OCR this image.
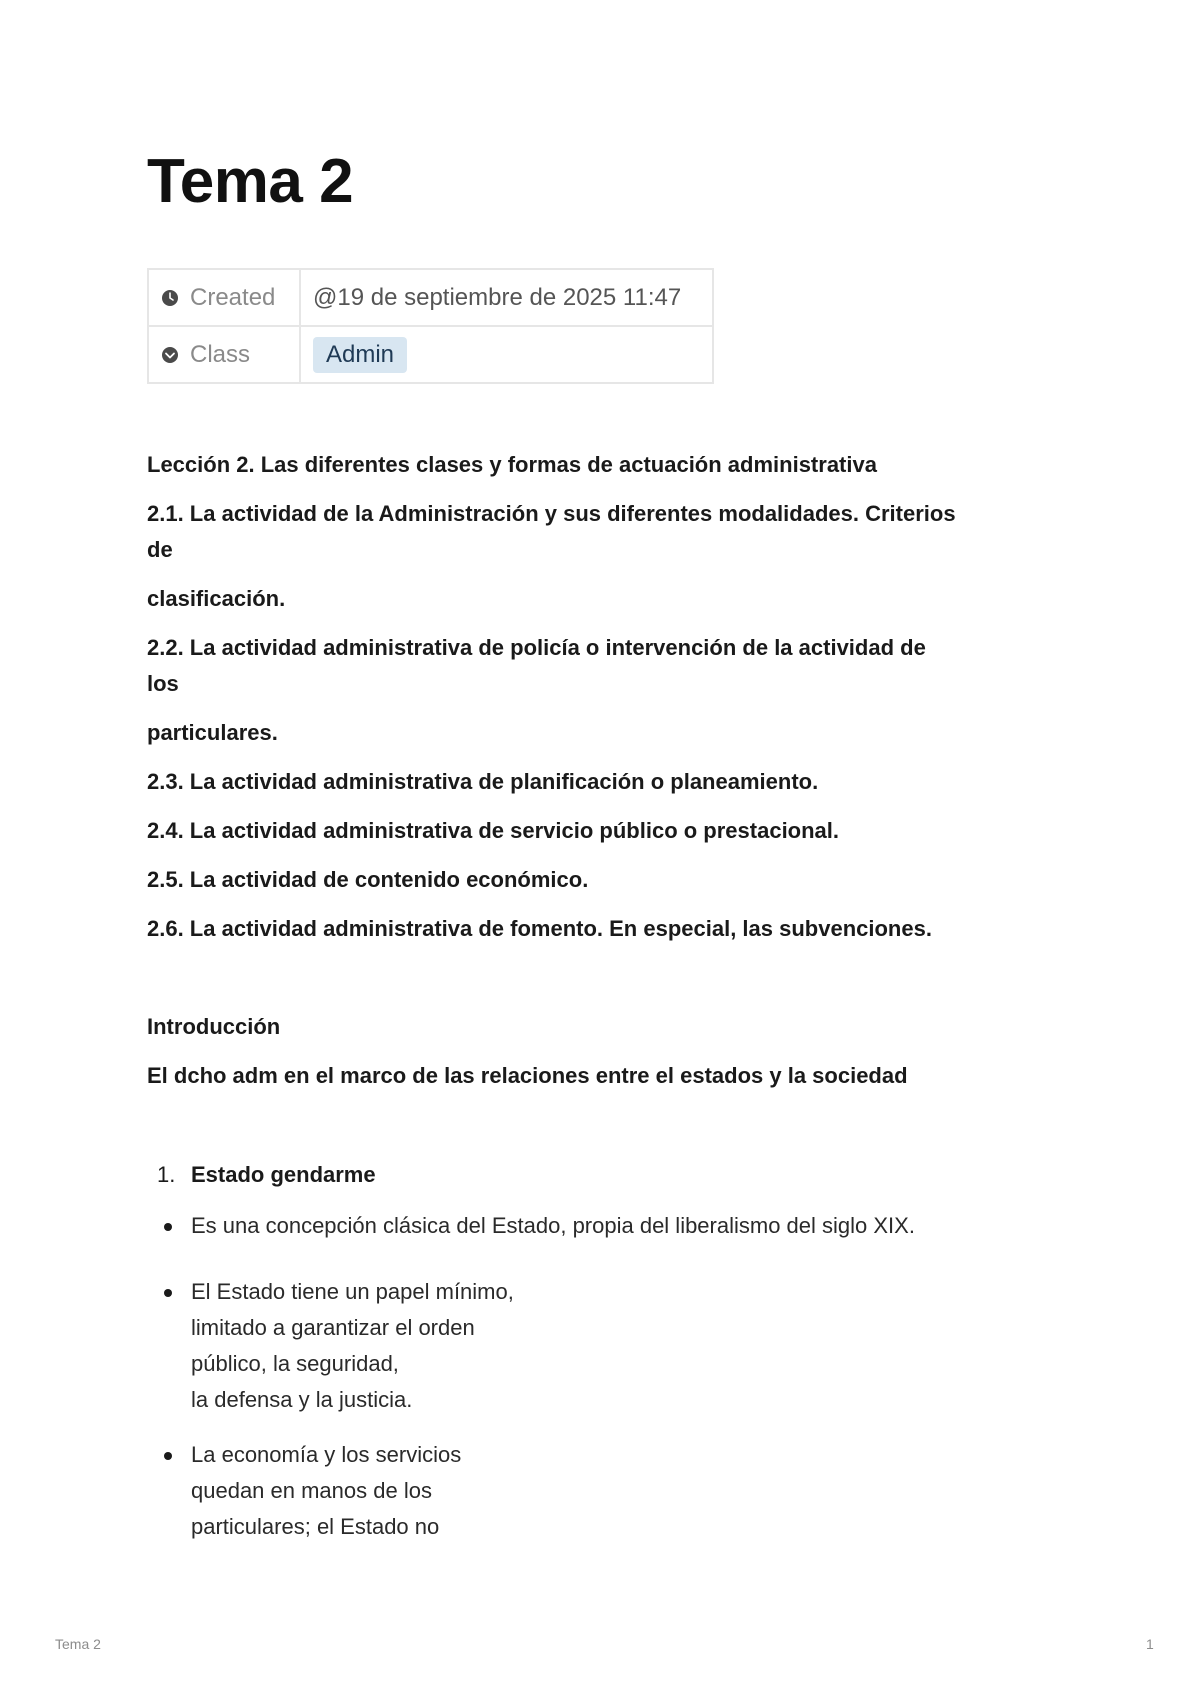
Tema 2
Created	@19 de septiembre de 2025 11:47
Class	Admin

Lección 2. Las diferentes clases y formas de actuación administrativa

2.1. La actividad de la Administración y sus diferentes modalidades. Criterios

de

clasificación.

2.2. La actividad administrativa de policía o intervención de la actividad de

los

particulares.

2.3. La actividad administrativa de planificación o planeamiento.

2.4. La actividad administrativa de servicio público o prestacional.

2.5. La actividad de contenido económico.

2.6. La actividad administrativa de fomento. En especial, las subvenciones.

Introducción

El dcho adm en el marco de las relaciones entre el estados y la sociedad

1. Estado gendarme
Es una concepción clásica del Estado, propia del liberalismo del siglo XIX.
El Estado tiene un papel mínimo,
limitado a garantizar el orden
público, la seguridad,
la defensa y la justicia.
La economía y los servicios
quedan en manos de los
particulares; el Estado no
Tema 2	1
